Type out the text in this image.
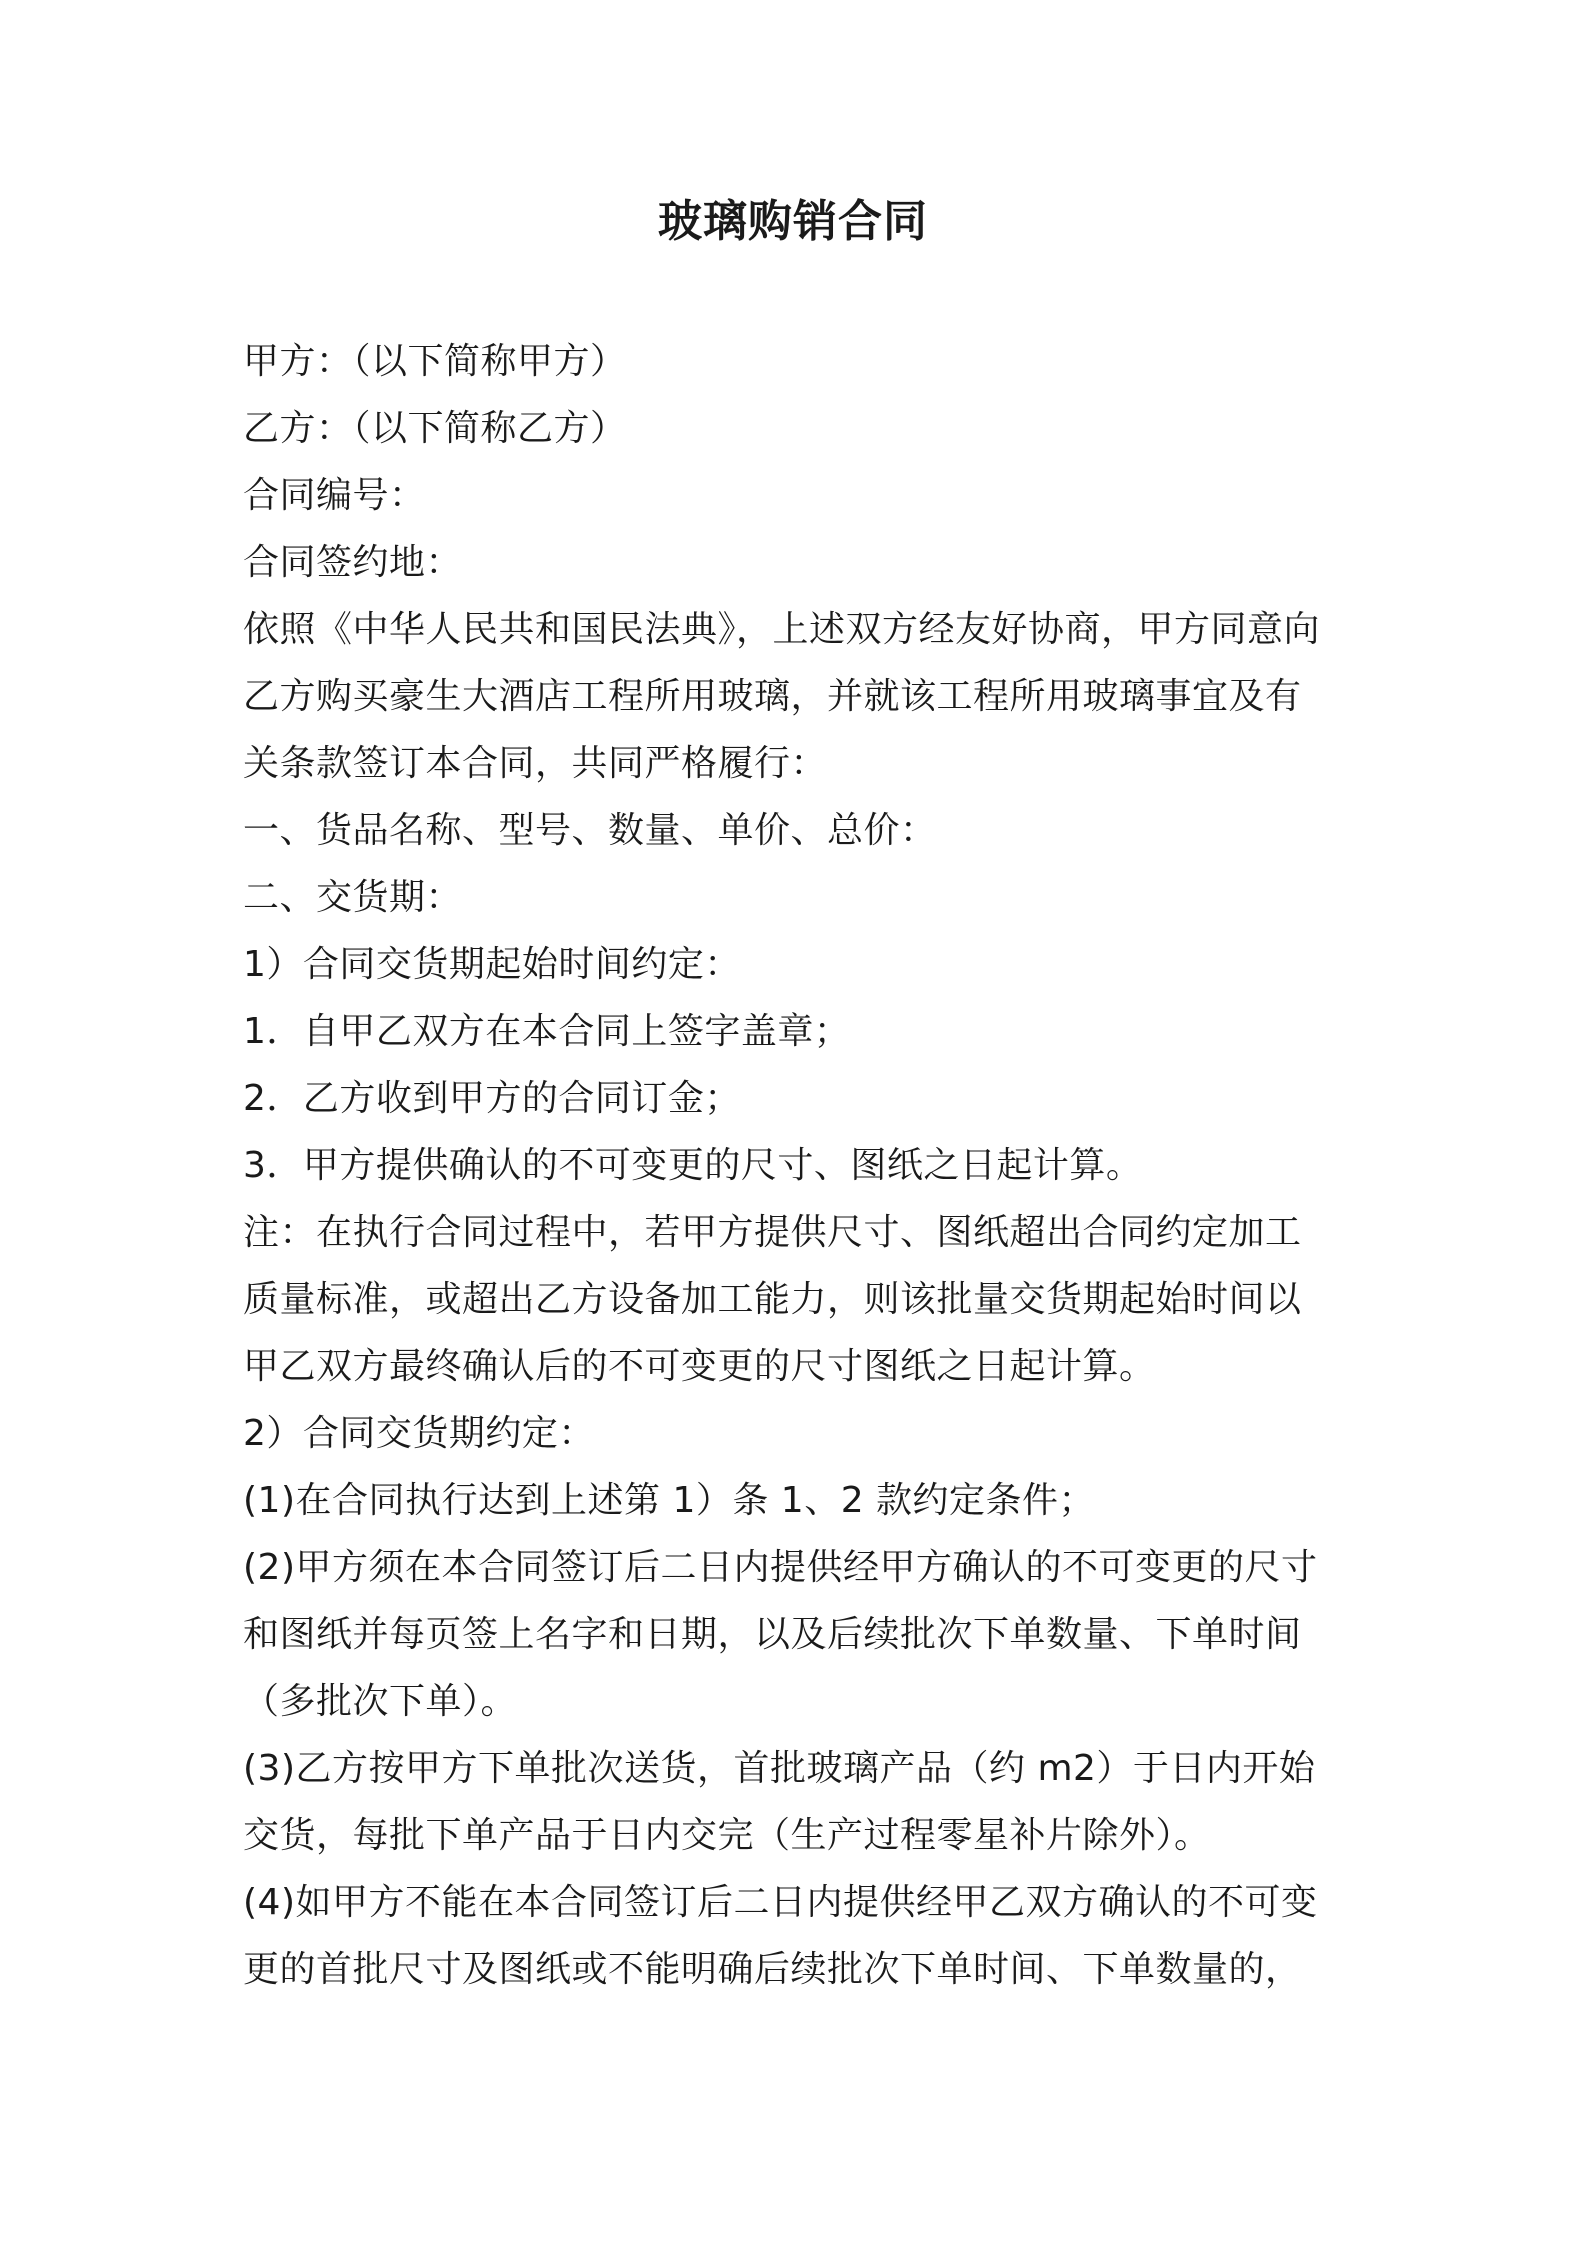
玻璃购销合同
甲方：（以下简称甲方）
乙方：（以下简称乙方）
合同编号：
合同签约地：
依照《中华人民共和国民法典》，上述双方经友好协商，甲方同意向
乙方购买豪生大酒店工程所用玻璃，并就该工程所用玻璃事宜及有
关条款签订本合同，共同严格履行：
一、货品名称、型号、数量、单价、总价：
二、交货期：
1）合同交货期起始时间约定：
1．自甲乙双方在本合同上签字盖章；
2．乙方收到甲方的合同订金；
3．甲方提供确认的不可变更的尺寸、图纸之日起计算。
注：在执行合同过程中，若甲方提供尺寸、图纸超出合同约定加工
质量标准，或超出乙方设备加工能力，则该批量交货期起始时间以
甲乙双方最终确认后的不可变更的尺寸图纸之日起计算。
2）合同交货期约定：
(1)在合同执行达到上述第 1）条 1、2 款约定条件；
(2)甲方须在本合同签订后二日内提供经甲方确认的不可变更的尺寸
和图纸并每页签上名字和日期，以及后续批次下单数量、下单时间
（多批次下单）。
(3)乙方按甲方下单批次送货，首批玻璃产品（约 m2）于日内开始
交货，每批下单产品于日内交完（生产过程零星补片除外）。
(4)如甲方不能在本合同签订后二日内提供经甲乙双方确认的不可变
更的首批尺寸及图纸或不能明确后续批次下单时间、下单数量的，
